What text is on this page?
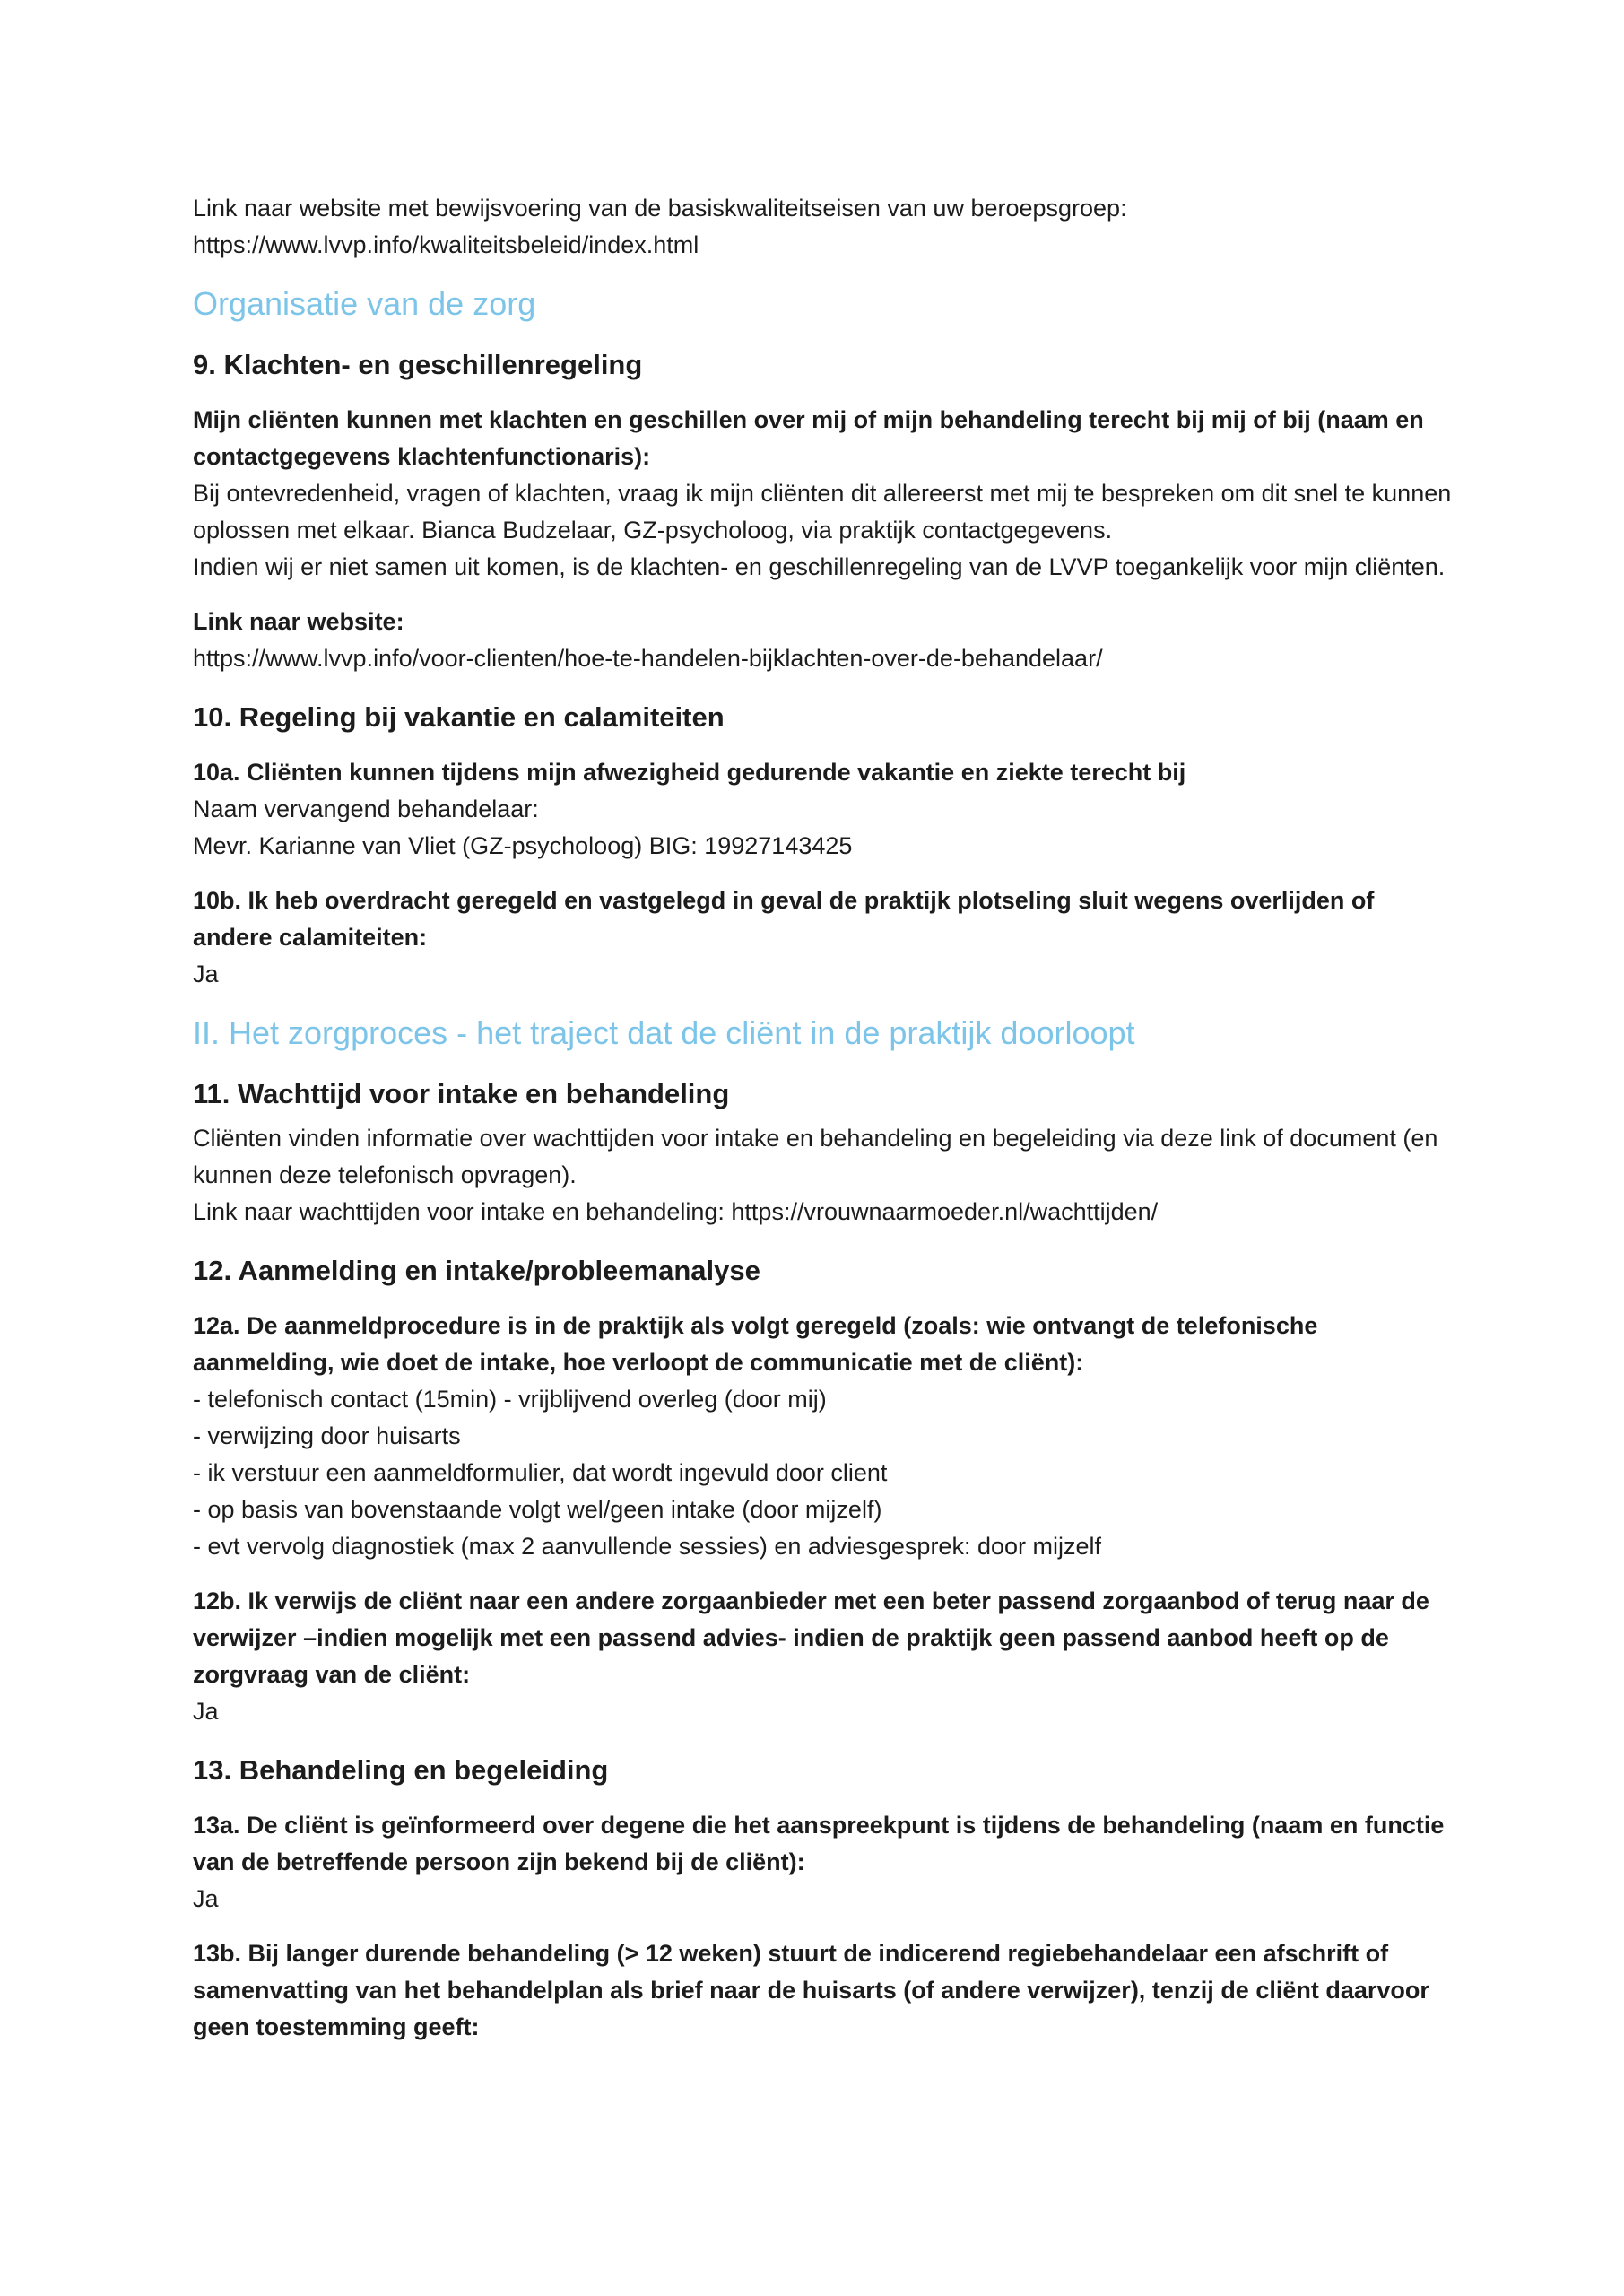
Link naar website met bewijsvoering van de basiskwaliteitseisen van uw beroepsgroep:

https://www.lvvp.info/kwaliteitsbeleid/index.html

Organisatie van de zorg
9. Klachten- en geschillenregeling

Mijn cliënten kunnen met klachten en geschillen over mij of mijn behandeling terecht bij mij of bij (naam en contactgegevens klachtenfunctionaris):

Bij ontevredenheid, vragen of klachten, vraag ik mijn cliënten dit allereerst met mij te bespreken om dit snel te kunnen oplossen met elkaar. Bianca Budzelaar, GZ-psycholoog, via praktijk contactgegevens.

Indien wij er niet samen uit komen, is de klachten- en geschillenregeling van de LVVP toegankelijk voor mijn cliënten.

Link naar website:

https://www.lvvp.info/voor-clienten/hoe-te-handelen-bijklachten-over-de-behandelaar/

10. Regeling bij vakantie en calamiteiten

10a. Cliënten kunnen tijdens mijn afwezigheid gedurende vakantie en ziekte terecht bij

Naam vervangend behandelaar:

Mevr. Karianne van Vliet (GZ-psycholoog) BIG: 19927143425

10b. Ik heb overdracht geregeld en vastgelegd in geval de praktijk plotseling sluit wegens overlijden of andere calamiteiten:

Ja

II. Het zorgproces - het traject dat de cliënt in de praktijk doorloopt
11. Wachttijd voor intake en behandeling

Cliënten vinden informatie over wachttijden voor intake en behandeling en begeleiding via deze link of document (en kunnen deze telefonisch opvragen).

Link naar wachttijden voor intake en behandeling: https://vrouwnaarmoeder.nl/wachttijden/

12. Aanmelding en intake/probleemanalyse

12a. De aanmeldprocedure is in de praktijk als volgt geregeld (zoals: wie ontvangt de telefonische aanmelding, wie doet de intake, hoe verloopt de communicatie met de cliënt):

- telefonisch contact (15min) - vrijblijvend overleg (door mij)

- verwijzing door huisarts

- ik verstuur een aanmeldformulier, dat wordt ingevuld door client

- op basis van bovenstaande volgt wel/geen intake (door mijzelf)

- evt vervolg diagnostiek (max 2 aanvullende sessies) en adviesgesprek: door mijzelf

12b. Ik verwijs de cliënt naar een andere zorgaanbieder met een beter passend zorgaanbod of terug naar de verwijzer –indien mogelijk met een passend advies- indien de praktijk geen passend aanbod heeft op de zorgvraag van de cliënt:

Ja

13. Behandeling en begeleiding

13a. De cliënt is geïnformeerd over degene die het aanspreekpunt is tijdens de behandeling (naam en functie van de betreffende persoon zijn bekend bij de cliënt):

Ja

13b. Bij langer durende behandeling (> 12 weken) stuurt de indicerend regiebehandelaar een afschrift of samenvatting van het behandelplan als brief naar de huisarts (of andere verwijzer), tenzij de cliënt daarvoor geen toestemming geeft:
